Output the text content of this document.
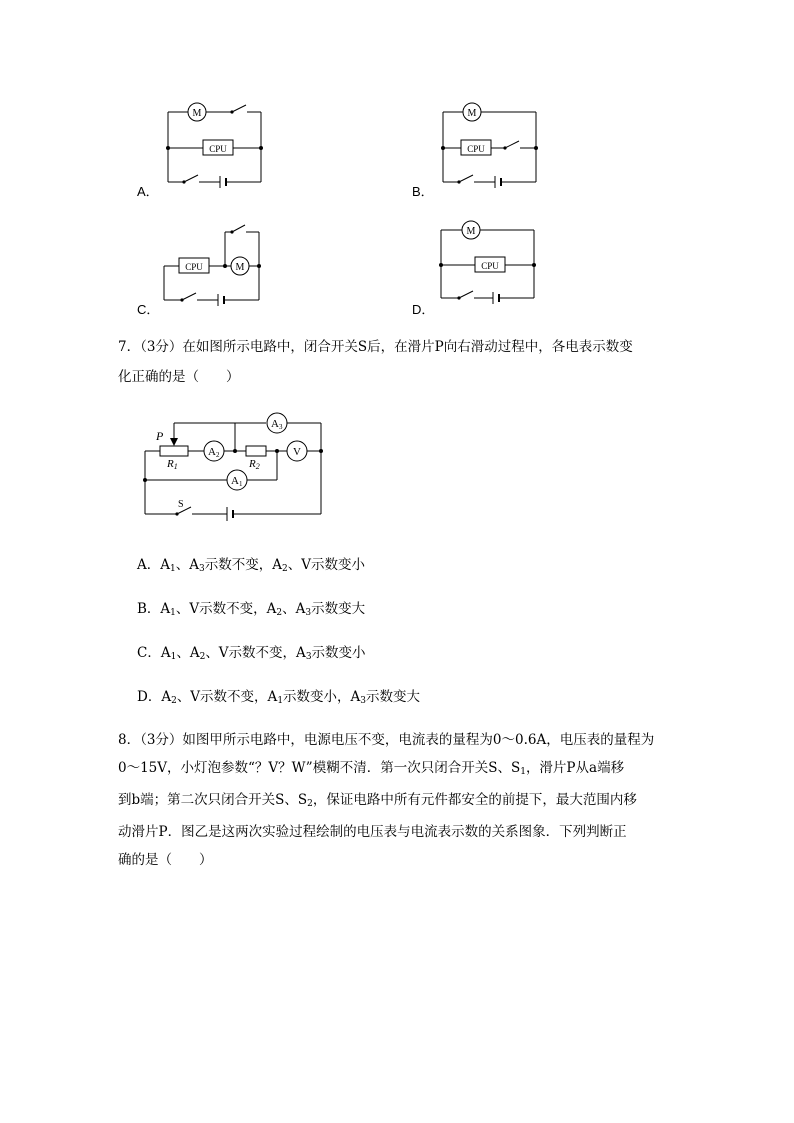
M
CPU
A．
M
CPU
B．
M
CPU
C．
M
CPU
D．
7．（3分）在如图所示电路中，闭合开关S后，在滑片P向右滑动过程中，各电表示数变
化正确的是（　　）
P
R1	R2
A3
A2
A1
V
S
A．$A_1$、$A_3$示数不变，$A_2$、V示数变小
B．$A_1$、V示数不变，$A_2$、$A_3$示数变大
C．$A_1$、$A_2$、V示数不变，$A_3$示数变小
D．$A_2$、V示数不变，$A_1$示数变小，$A_3$示数变大
8．（3分）如图甲所示电路中，电源电压不变，电流表的量程为0～0.6A，电压表的量程为
0～15V，小灯泡参数“？V？W”模糊不清．第一次只闭合开关S、$S_1$，滑片P从a端移
到b端；第二次只闭合开关S、$S_2$，保证电路中所有元件都安全的前提下，最大范围内移
动滑片P．图乙是这两次实验过程绘制的电压表与电流表示数的关系图象．下列判断正
确的是（　　）
